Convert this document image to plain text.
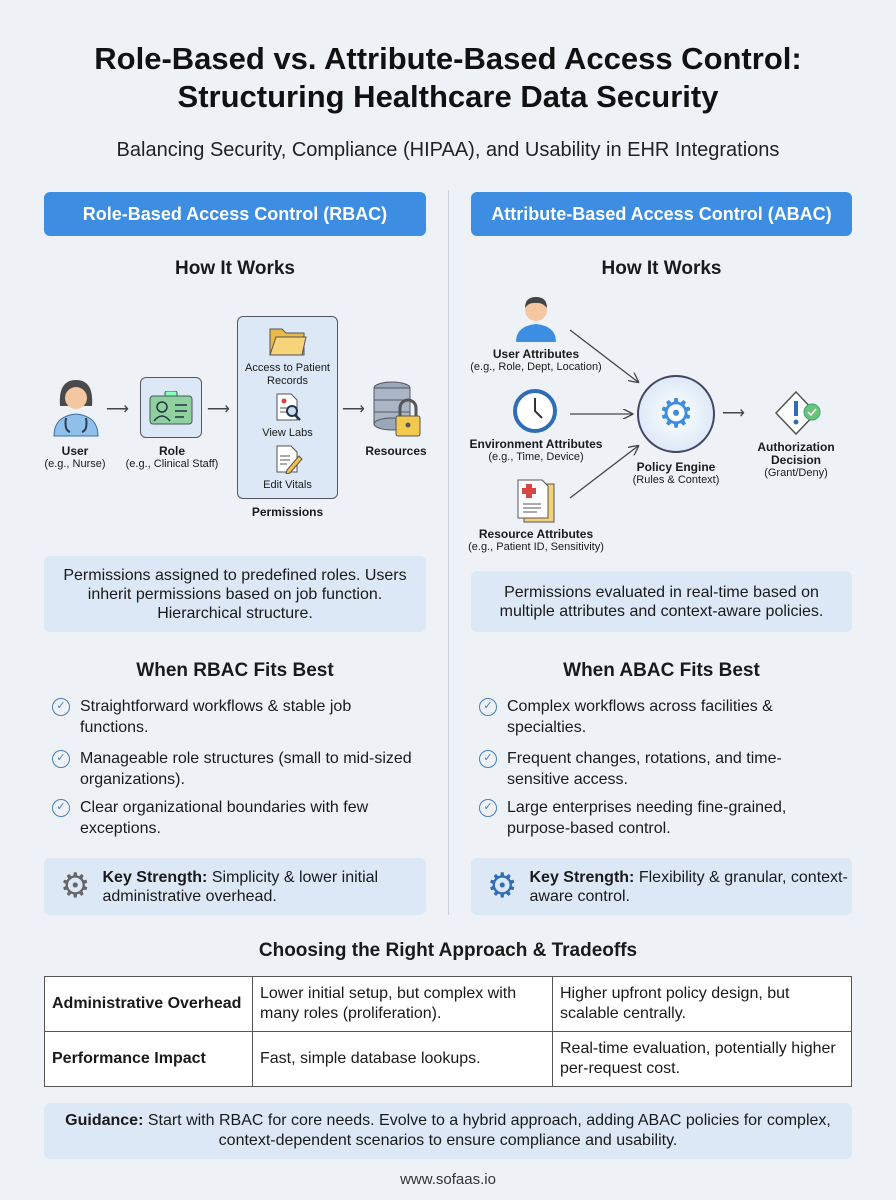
Role-Based vs. Attribute-Based Access Control:
Structuring Healthcare Data Security
Balancing Security, Compliance (HIPAA), and Usability in EHR Integrations
Role-Based Access Control (RBAC)
How It Works
User
(e.g., Nurse)
⟶
Role
(e.g., Clinical Staff)
⟶
Access to Patient Records
View Labs
Edit Vitals
Permissions
⟶
Resources
Permissions assigned to predefined roles. Users inherit permissions based on job function. Hierarchical structure.
When RBAC Fits Best
✓ Straightforward workflows & stable job functions.
✓ Manageable role structures (small to mid-sized organizations).
✓ Clear organizational boundaries with few exceptions.
⚙ Key Strength: Simplicity & lower initial administrative overhead.
Attribute-Based Access Control (ABAC)
How It Works
User Attributes
(e.g., Role, Dept, Location)
Environment Attributes
(e.g., Time, Device)
Resource Attributes
(e.g., Patient ID, Sensitivity)
⚙
Policy Engine
(Rules & Context)
⟶
Authorization
Decision
(Grant/Deny)
Permissions evaluated in real-time based on multiple attributes and context-aware policies.
When ABAC Fits Best
✓ Complex workflows across facilities & specialties.
✓ Frequent changes, rotations, and time-sensitive access.
✓ Large enterprises needing fine-grained, purpose-based control.
⚙ Key Strength: Flexibility & granular, context-aware control.
Choosing the Right Approach & Tradeoffs
Administrative Overhead	Lower initial setup, but complex with many roles (proliferation).	Higher upfront policy design, but scalable centrally.
Performance Impact	Fast, simple database lookups.	Real-time evaluation, potentially higher per-request cost.
Guidance: Start with RBAC for core needs. Evolve to a hybrid approach, adding ABAC policies for complex, context-dependent scenarios to ensure compliance and usability.
www.sofaas.io
